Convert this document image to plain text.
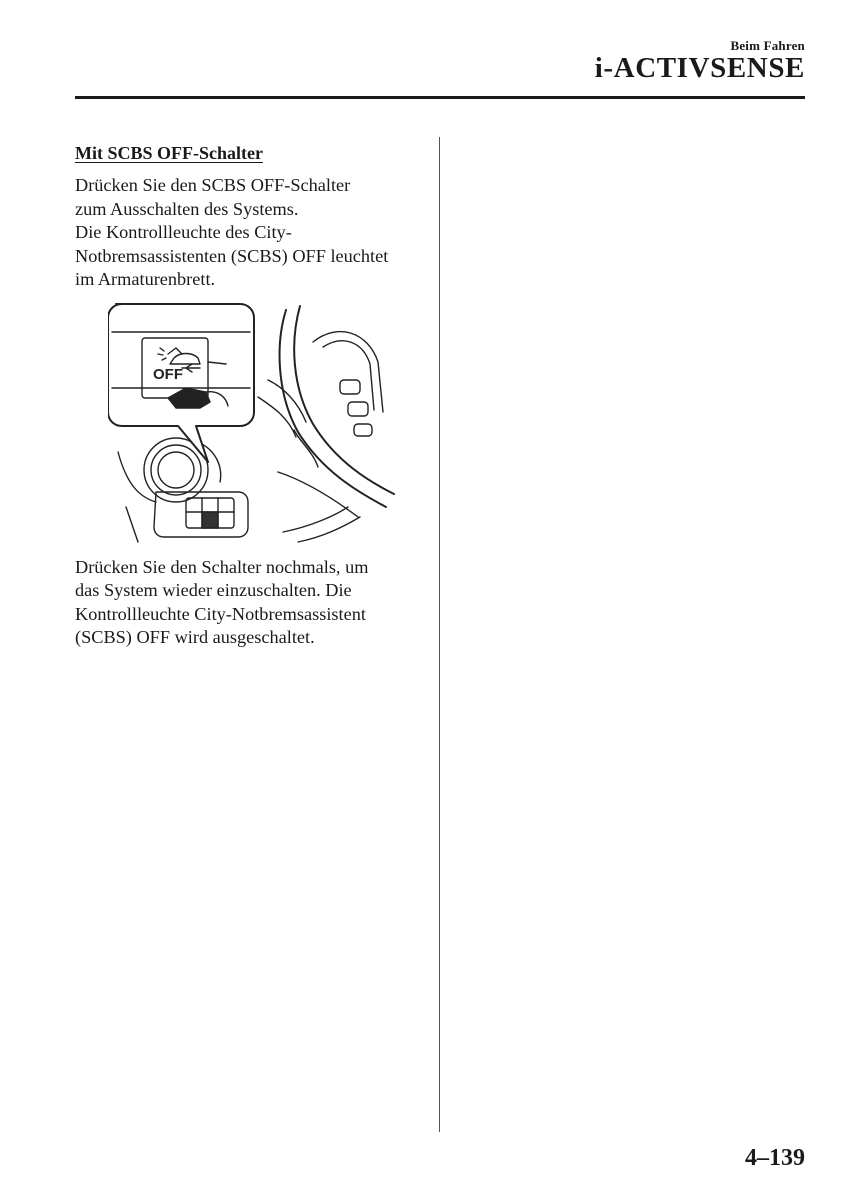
Beim Fahren
i-ACTIVSENSE
Mit SCBS OFF-Schalter

Drücken Sie den SCBS OFF-Schalter
zum Ausschalten des Systems.
Die Kontrollleuchte des City-
Notbremsassistenten (SCBS) OFF leuchtet
im Armaturenbrett.

OFF

Drücken Sie den Schalter nochmals, um
das System wieder einzuschalten. Die
Kontrollleuchte City-Notbremsassistent
(SCBS) OFF wird ausgeschaltet.

4–139
